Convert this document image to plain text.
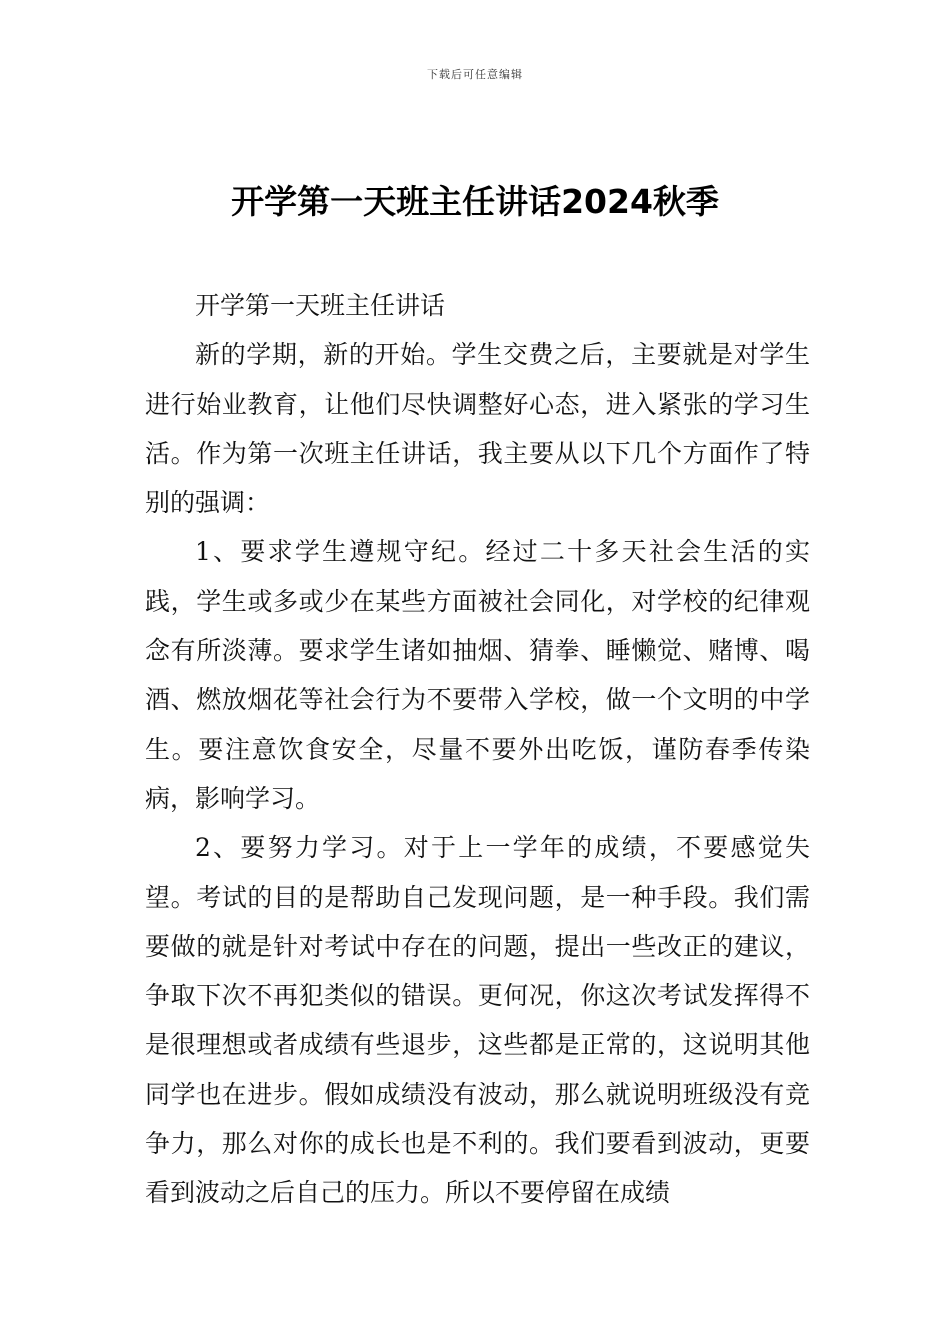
下载后可任意编辑
开学第一天班主任讲话2024秋季

开学第一天班主任讲话

新的学期，新的开始。学生交费之后，主要就是对学生进行始业教育，让他们尽快调整好心态，进入紧张的学习生活。作为第一次班主任讲话，我主要从以下几个方面作了特别的强调：

1、要求学生遵规守纪。经过二十多天社会生活的实践，学生或多或少在某些方面被社会同化，对学校的纪律观念有所淡薄。要求学生诸如抽烟、猜拳、睡懒觉、赌博、喝酒、燃放烟花等社会行为不要带入学校，做一个文明的中学生。要注意饮食安全，尽量不要外出吃饭，谨防春季传染病，影响学习。

2、要努力学习。对于上一学年的成绩，不要感觉失望。考试的目的是帮助自己发现问题，是一种手段。我们需要做的就是针对考试中存在的问题，提出一些改正的建议，争取下次不再犯类似的错误。更何况，你这次考试发挥得不是很理想或者成绩有些退步，这些都是正常的，这说明其他同学也在进步。假如成绩没有波动，那么就说明班级没有竞争力，那么对你的成长也是不利的。我们要看到波动，更要看到波动之后自己的压力。所以不要停留在成绩
